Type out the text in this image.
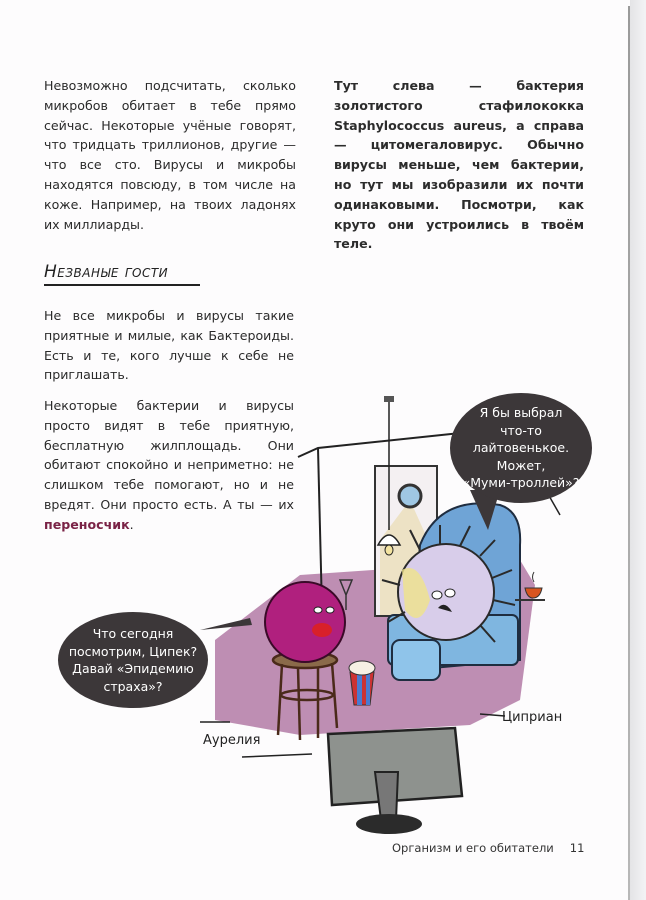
Невозможно подсчитать, сколько микробов обитает в тебе прямо сейчас. Некоторые учёные говорят, что тридцать триллионов, другие — что все сто. Вирусы и микробы находятся повсюду, в том числе на коже. Например, на твоих ладонях их миллиарды.

Тут слева — бактерия золотистого стафилококка Staphylococcus aureus, а справа — цитомегаловирус. Обычно вирусы меньше, чем бактерии, но тут мы изобразили их почти одинаковыми. Посмотри, как круто они устроились в твоём теле.

Незваные гости

Не все микробы и вирусы такие приятные и милые, как Бактероиды. Есть и те, кого лучше к себе не приглашать.

Некоторые бактерии и вирусы просто видят в тебе приятную, бесплатную жилплощадь. Они обитают спокойно и неприметно: не слишком тебе помогают, но и не вредят. Они просто есть. А ты — их переносчик.

Я бы выбрал
что-то
лайтовенькое.
Может,
«Муми-троллей»?
Что сегодня
посмотрим, Ципек?
Давай «Эпидемию
страха»?
Аурелия
Циприан
Организм и его обитатели 11
